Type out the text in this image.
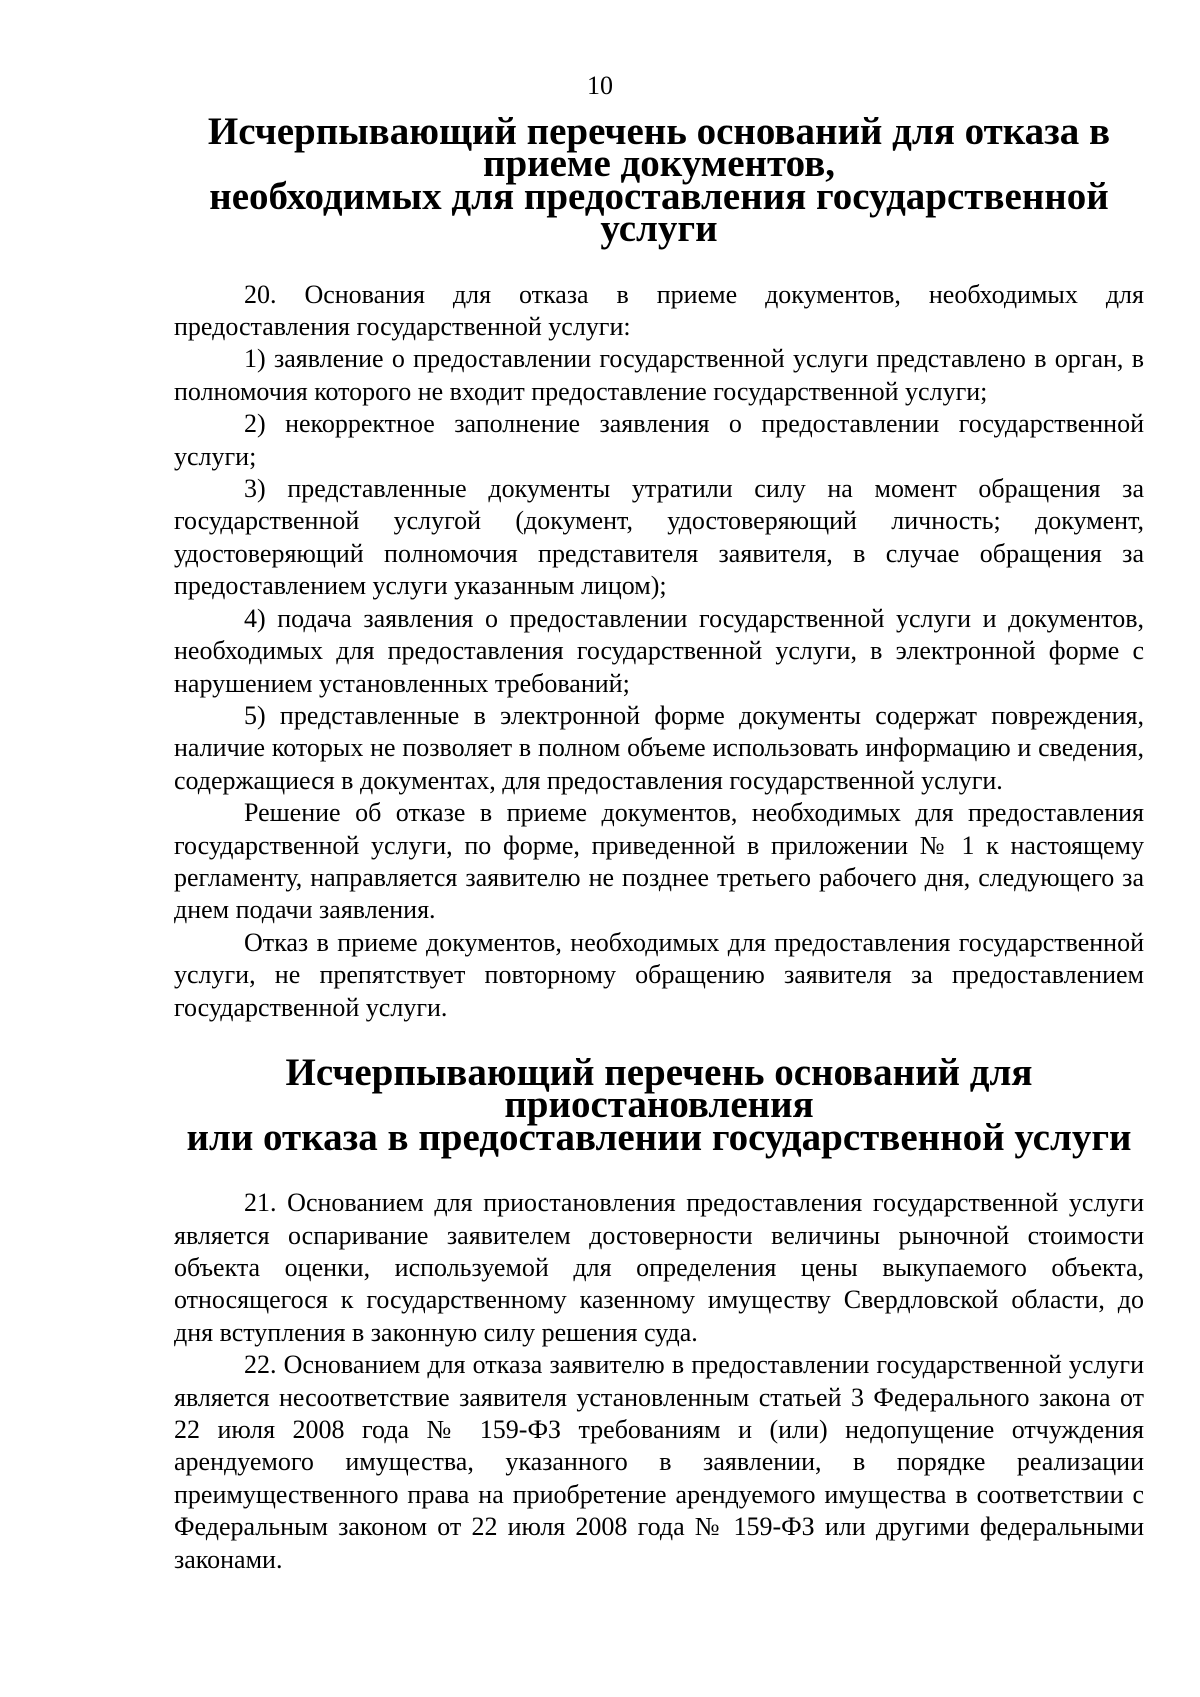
10
Исчерпывающий перечень оснований для отказа в приеме документов,
необходимых для предоставления государственной услуги

20. Основания для отказа в приеме документов, необходимых для предоставления государственной услуги:

1) заявление о предоставлении государственной услуги представлено в орган, в полномочия которого не входит предоставление государственной услуги;

2) некорректное заполнение заявления о предоставлении государственной услуги;

3) представленные документы утратили силу на момент обращения за государственной услугой (документ, удостоверяющий личность; документ, удостоверяющий полномочия представителя заявителя, в случае обращения за предоставлением услуги указанным лицом);

4) подача заявления о предоставлении государственной услуги и документов, необходимых для предоставления государственной услуги, в электронной форме с нарушением установленных требований;

5) представленные в электронной форме документы содержат повреждения, наличие которых не позволяет в полном объеме использовать информацию и сведения, содержащиеся в документах, для предоставления государственной услуги.

Решение об отказе в приеме документов, необходимых для предоставления государственной услуги, по форме, приведенной в приложении № 1 к настоящему регламенту, направляется заявителю не позднее третьего рабочего дня, следующего за днем подачи заявления.

Отказ в приеме документов, необходимых для предоставления государственной услуги, не препятствует повторному обращению заявителя за предоставлением государственной услуги.

Исчерпывающий перечень оснований для приостановления
или отказа в предоставлении государственной услуги

21. Основанием для приостановления предоставления государственной услуги является оспаривание заявителем достоверности величины рыночной стоимости объекта оценки, используемой для определения цены выкупаемого объекта, относящегося к государственному казенному имуществу Свердловской области, до дня вступления в законную силу решения суда.

22. Основанием для отказа заявителю в предоставлении государственной услуги является несоответствие заявителя установленным статьей 3 Федерального закона от 22 июля 2008 года № 159-ФЗ требованиям и (или) недопущение отчуждения арендуемого имущества, указанного в заявлении, в порядке реализации преимущественного права на приобретение арендуемого имущества в соответствии с Федеральным законом от 22 июля 2008 года № 159-ФЗ или другими федеральными законами.
